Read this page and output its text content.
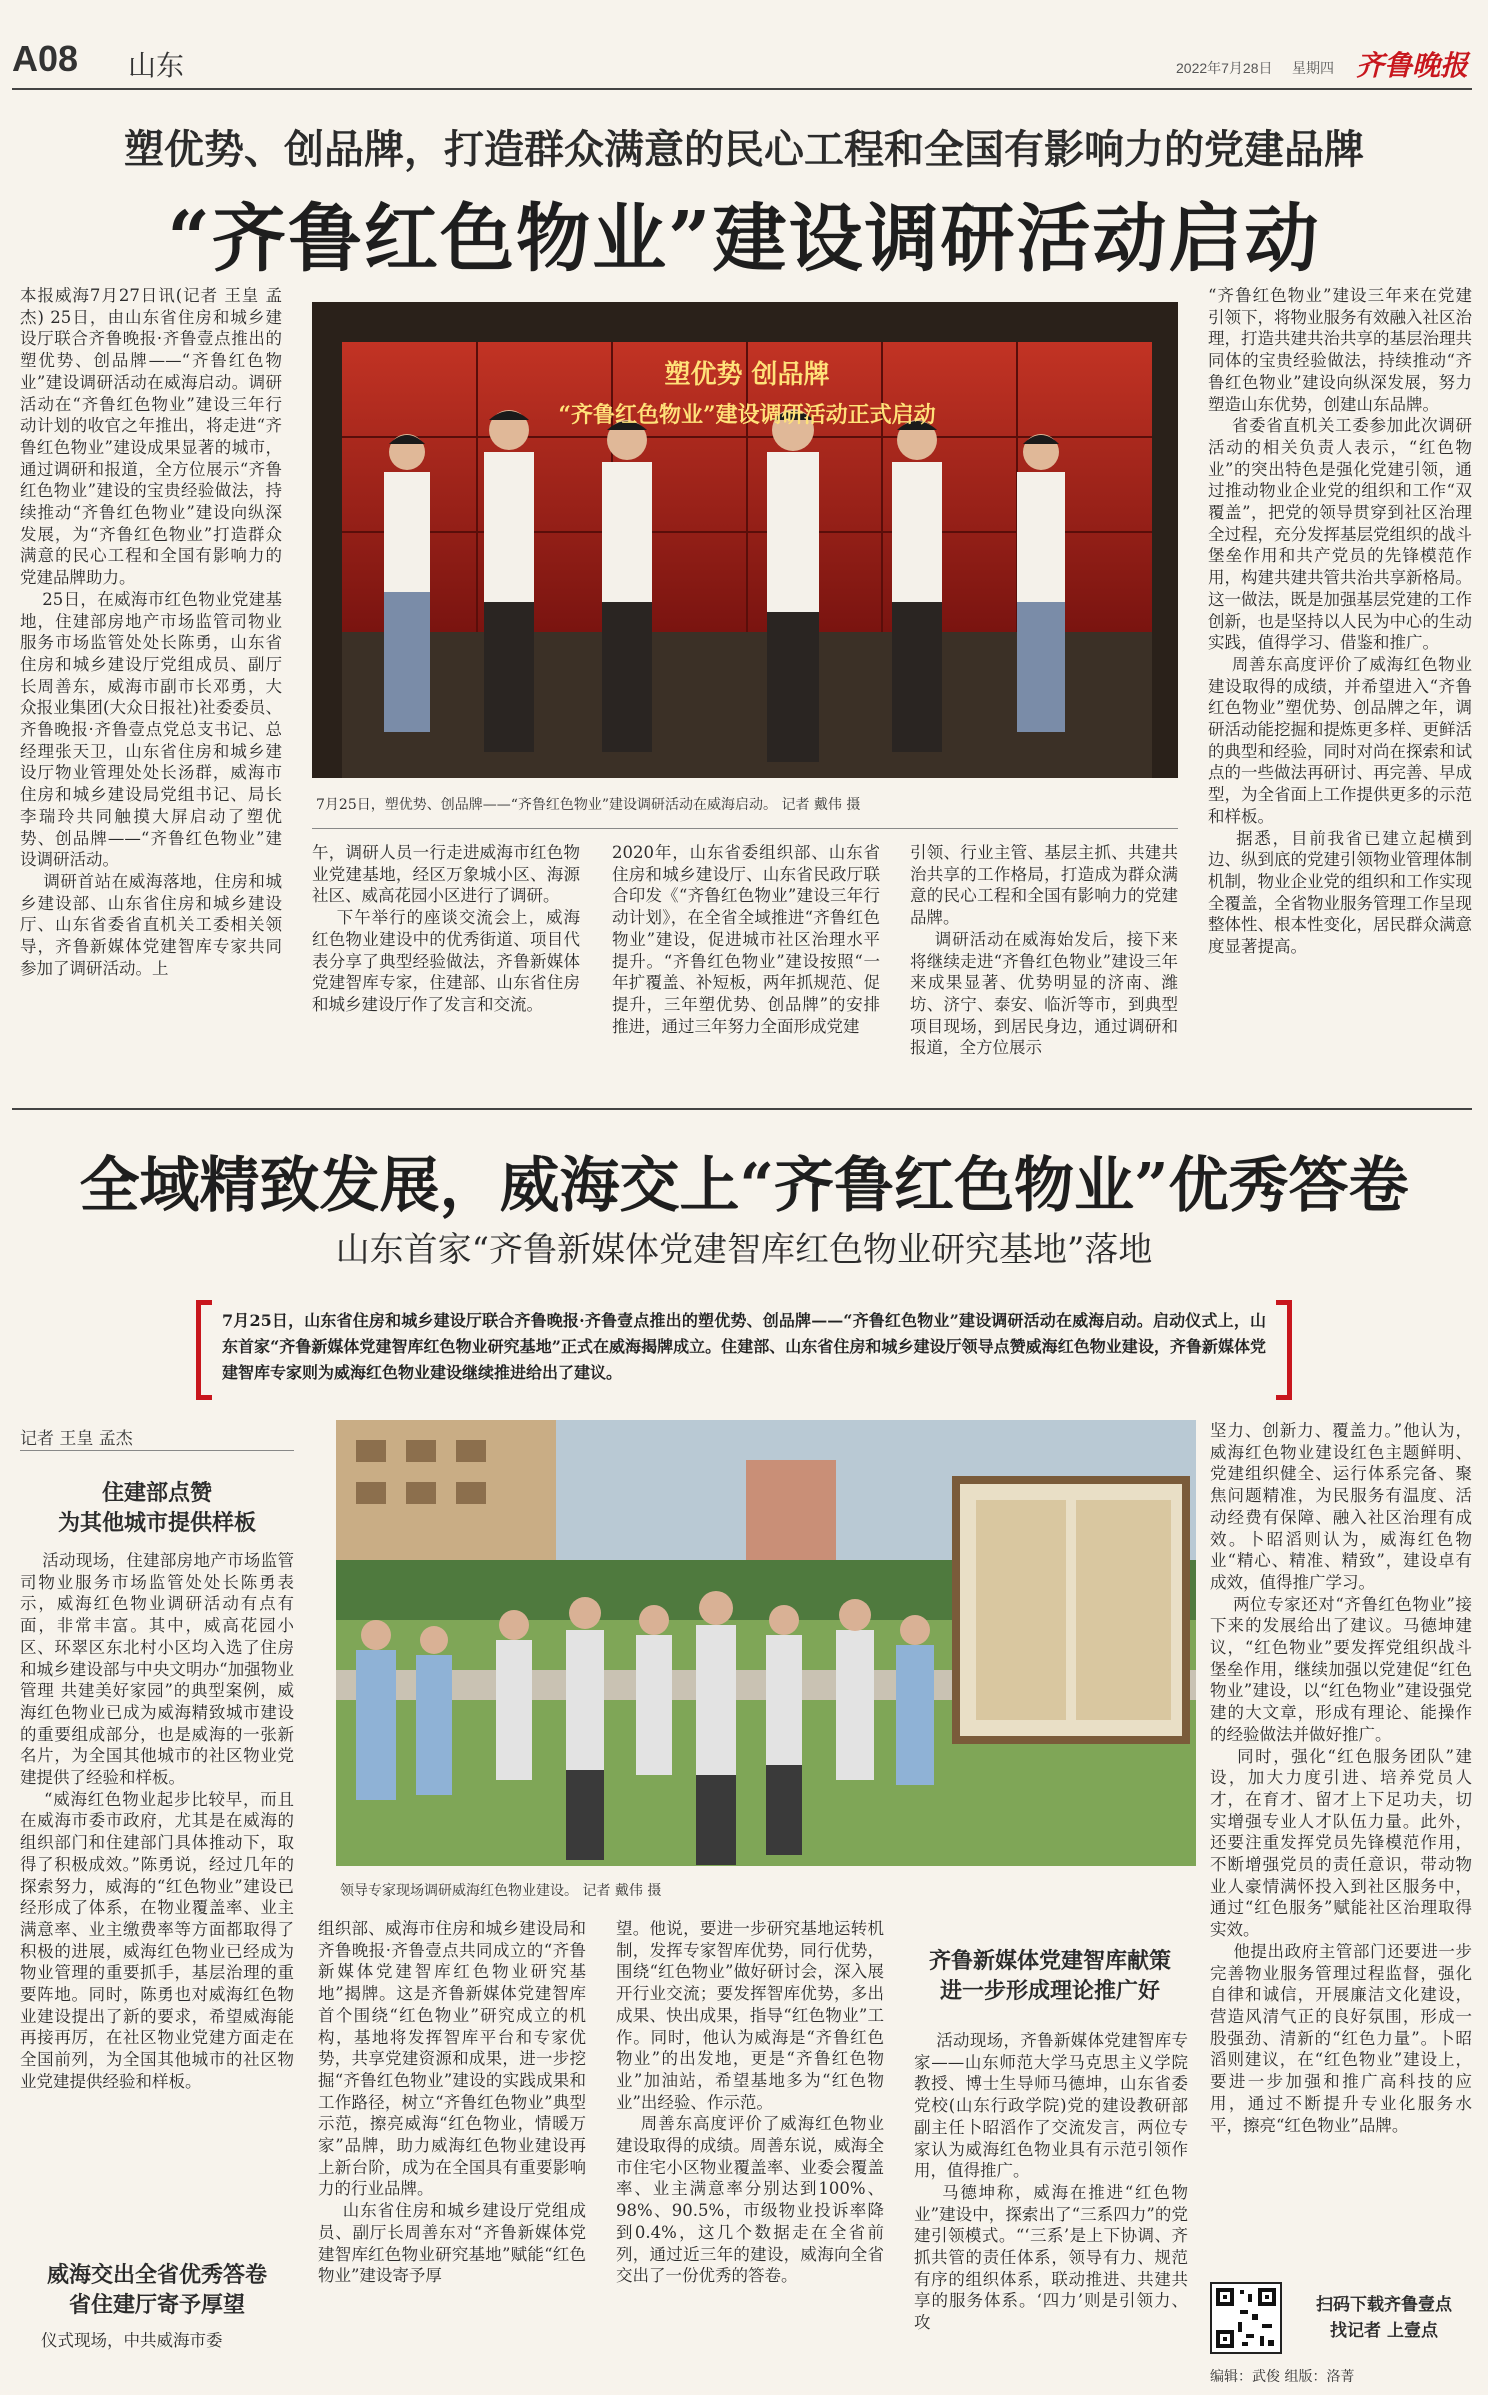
A08 山东	2022年7月28日 星期四 齐鲁晚报
塑优势、创品牌，打造群众满意的民心工程和全国有影响力的党建品牌
“齐鲁红色物业”建设调研活动启动
本报威海7月27日讯(记者 王皇 孟杰) 25日，由山东省住房和城乡建设厅联合齐鲁晚报·齐鲁壹点推出的塑优势、创品牌——“齐鲁红色物业”建设调研活动在威海启动。调研活动在“齐鲁红色物业”建设三年行动计划的收官之年推出，将走进“齐鲁红色物业”建设成果显著的城市，通过调研和报道，全方位展示“齐鲁红色物业”建设的宝贵经验做法，持续推动“齐鲁红色物业”建设向纵深发展，为“齐鲁红色物业”打造群众满意的民心工程和全国有影响力的党建品牌助力。
25日，在威海市红色物业党建基地，住建部房地产市场监管司物业服务市场监管处处长陈勇，山东省住房和城乡建设厅党组成员、副厅长周善东，威海市副市长邓勇，大众报业集团(大众日报社)社委委员、齐鲁晚报·齐鲁壹点党总支书记、总经理张天卫，山东省住房和城乡建设厅物业管理处处长汤群，威海市住房和城乡建设局党组书记、局长李瑞玲共同触摸大屏启动了塑优势、创品牌——“齐鲁红色物业”建设调研活动。
调研首站在威海落地，住房和城乡建设部、山东省住房和城乡建设厅、山东省委省直机关工委相关领导，齐鲁新媒体党建智库专家共同参加了调研活动。上
塑优势 创品牌
“齐鲁红色物业”建设调研活动正式启动
7月25日，塑优势、创品牌——“齐鲁红色物业”建设调研活动在威海启动。 记者 戴伟 摄
午，调研人员一行走进威海市红色物业党建基地，经区万象城小区、海源社区、威高花园小区进行了调研。
下午举行的座谈交流会上，威海红色物业建设中的优秀街道、项目代表分享了典型经验做法，齐鲁新媒体党建智库专家，住建部、山东省住房和城乡建设厅作了发言和交流。
2020年，山东省委组织部、山东省住房和城乡建设厅、山东省民政厅联合印发《“齐鲁红色物业”建设三年行动计划》，在全省全域推进“齐鲁红色物业”建设，促进城市社区治理水平提升。“齐鲁红色物业”建设按照“一年扩覆盖、补短板，两年抓规范、促提升，三年塑优势、创品牌”的安排推进，通过三年努力全面形成党建
引领、行业主管、基层主抓、共建共治共享的工作格局，打造成为群众满意的民心工程和全国有影响力的党建品牌。
调研活动在威海始发后，接下来将继续走进“齐鲁红色物业”建设三年来成果显著、优势明显的济南、潍坊、济宁、泰安、临沂等市，到典型项目现场，到居民身边，通过调研和报道，全方位展示
“齐鲁红色物业”建设三年来在党建引领下，将物业服务有效融入社区治理，打造共建共治共享的基层治理共同体的宝贵经验做法，持续推动“齐鲁红色物业”建设向纵深发展，努力塑造山东优势，创建山东品牌。
省委省直机关工委参加此次调研活动的相关负责人表示，“红色物业”的突出特色是强化党建引领，通过推动物业企业党的组织和工作“双覆盖”，把党的领导贯穿到社区治理全过程，充分发挥基层党组织的战斗堡垒作用和共产党员的先锋模范作用，构建共建共管共治共享新格局。这一做法，既是加强基层党建的工作创新，也是坚持以人民为中心的生动实践，值得学习、借鉴和推广。
周善东高度评价了威海红色物业建设取得的成绩，并希望进入“齐鲁红色物业”塑优势、创品牌之年，调研活动能挖掘和提炼更多样、更鲜活的典型和经验，同时对尚在探索和试点的一些做法再研讨、再完善、早成型，为全省面上工作提供更多的示范和样板。
据悉，目前我省已建立起横到边、纵到底的党建引领物业管理体制机制，物业企业党的组织和工作实现全覆盖，全省物业服务管理工作呈现整体性、根本性变化，居民群众满意度显著提高。
全域精致发展，威海交上“齐鲁红色物业”优秀答卷
山东首家“齐鲁新媒体党建智库红色物业研究基地”落地
7月25日，山东省住房和城乡建设厅联合齐鲁晚报·齐鲁壹点推出的塑优势、创品牌——“齐鲁红色物业”建设调研活动在威海启动。启动仪式上，山东首家“齐鲁新媒体党建智库红色物业研究基地”正式在威海揭牌成立。住建部、山东省住房和城乡建设厅领导点赞威海红色物业建设，齐鲁新媒体党建智库专家则为威海红色物业建设继续推进给出了建议。
记者 王皇 孟杰
住建部点赞
为其他城市提供样板
活动现场，住建部房地产市场监管司物业服务市场监管处处长陈勇表示，威海红色物业调研活动有点有面，非常丰富。其中，威高花园小区、环翠区东北村小区均入选了住房和城乡建设部与中央文明办“加强物业管理 共建美好家园”的典型案例，威海红色物业已成为威海精致城市建设的重要组成部分，也是威海的一张新名片，为全国其他城市的社区物业党建提供了经验和样板。
“威海红色物业起步比较早，而且在威海市委市政府，尤其是在威海的组织部门和住建部门具体推动下，取得了积极成效。”陈勇说，经过几年的探索努力，威海的“红色物业”建设已经形成了体系，在物业覆盖率、业主满意率、业主缴费率等方面都取得了积极的进展，威海红色物业已经成为物业管理的重要抓手，基层治理的重要阵地。同时，陈勇也对威海红色物业建设提出了新的要求，希望威海能再接再厉，在社区物业党建方面走在全国前列，为全国其他城市的社区物业党建提供经验和样板。
威海交出全省优秀答卷
省住建厅寄予厚望
仪式现场，中共威海市委
领导专家现场调研威海红色物业建设。 记者 戴伟 摄
组织部、威海市住房和城乡建设局和齐鲁晚报·齐鲁壹点共同成立的“齐鲁新媒体党建智库红色物业研究基地”揭牌。这是齐鲁新媒体党建智库首个围绕“红色物业”研究成立的机构，基地将发挥智库平台和专家优势，共享党建资源和成果，进一步挖掘“齐鲁红色物业”建设的实践成果和工作路径，树立“齐鲁红色物业”典型示范，擦亮威海“红色物业，情暖万家”品牌，助力威海红色物业建设再上新台阶，成为在全国具有重要影响力的行业品牌。
山东省住房和城乡建设厅党组成员、副厅长周善东对“齐鲁新媒体党建智库红色物业研究基地”赋能“红色物业”建设寄予厚
望。他说，要进一步研究基地运转机制，发挥专家智库优势，同行优势，围绕“红色物业”做好研讨会，深入展开行业交流；要发挥智库优势，多出成果、快出成果，指导“红色物业”工作。同时，他认为威海是“齐鲁红色物业”的出发地，更是“齐鲁红色物业”加油站，希望基地多为“红色物业”出经验、作示范。
周善东高度评价了威海红色物业建设取得的成绩。周善东说，威海全市住宅小区物业覆盖率、业委会覆盖率、业主满意率分别达到100%、98%、90.5%，市级物业投诉率降到0.4%，这几个数据走在全省前列，通过近三年的建设，威海向全省交出了一份优秀的答卷。
齐鲁新媒体党建智库献策
进一步形成理论推广好
活动现场，齐鲁新媒体党建智库专家——山东师范大学马克思主义学院教授、博士生导师马德坤，山东省委党校(山东行政学院)党的建设教研部副主任卜昭滔作了交流发言，两位专家认为威海红色物业具有示范引领作用，值得推广。
马德坤称，威海在推进“红色物业”建设中，探索出了“三系四力”的党建引领模式。“‘三系’是上下协调、齐抓共管的责任体系，领导有力、规范有序的组织体系，联动推进、共建共享的服务体系。‘四力’则是引领力、攻
坚力、创新力、覆盖力。”他认为，威海红色物业建设红色主题鲜明、党建组织健全、运行体系完备、聚焦问题精准，为民服务有温度、活动经费有保障、融入社区治理有成效。卜昭滔则认为，威海红色物业“精心、精准、精致”，建设卓有成效，值得推广学习。
两位专家还对“齐鲁红色物业”接下来的发展给出了建议。马德坤建议，“红色物业”要发挥党组织战斗堡垒作用，继续加强以党建促“红色物业”建设，以“红色物业”建设强党建的大文章，形成有理论、能操作的经验做法并做好推广。
同时，强化“红色服务团队”建设，加大力度引进、培养党员人才，在育才、留才上下足功夫，切实增强专业人才队伍力量。此外，还要注重发挥党员先锋模范作用，不断增强党员的责任意识，带动物业人豪情满怀投入到社区服务中，通过“红色服务”赋能社区治理取得实效。
他提出政府主管部门还要进一步完善物业服务管理过程监督，强化自律和诚信，开展廉洁文化建设，营造风清气正的良好氛围，形成一股强劲、清新的“红色力量”。卜昭滔则建议，在“红色物业”建设上，要进一步加强和推广高科技的应用，通过不断提升专业化服务水平，擦亮“红色物业”品牌。
扫码下载齐鲁壹点
找记者 上壹点
编辑：武俊 组版：洛菁
